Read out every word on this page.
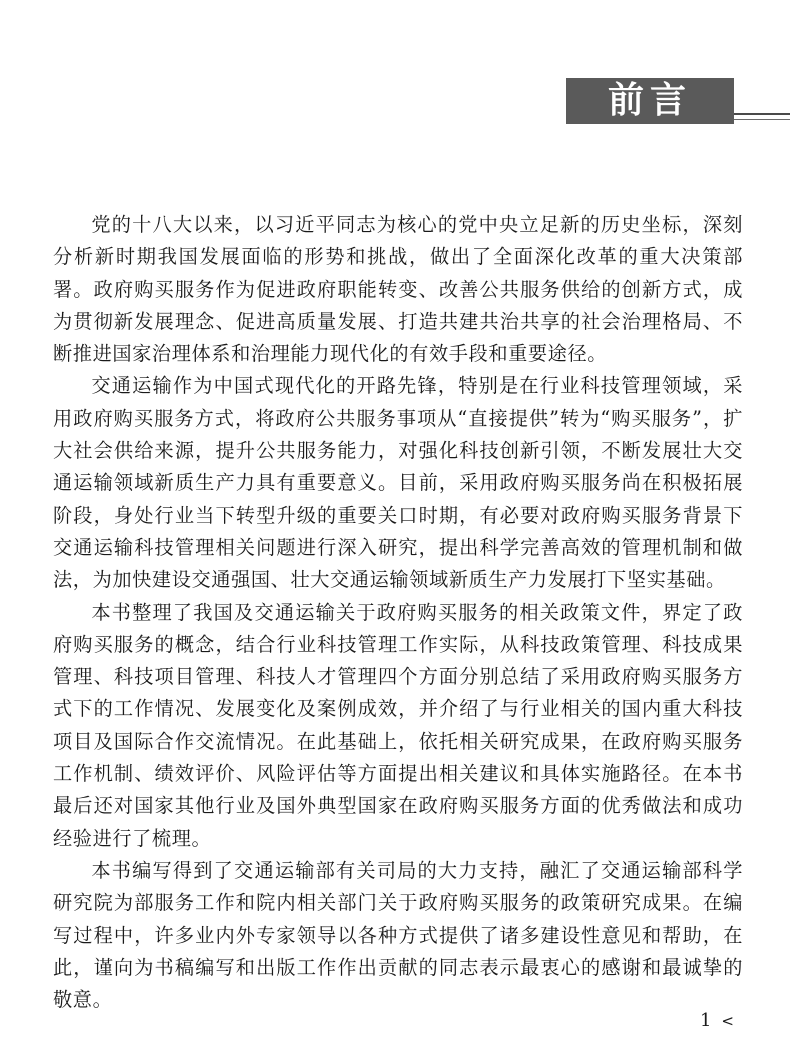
前言

党的十八大以来，以习近平同志为核心的党中央立足新的历史坐标，深刻分析新时期我国发展面临的形势和挑战，做出了全面深化改革的重大决策部署。政府购买服务作为促进政府职能转变、改善公共服务供给的创新方式，成为贯彻新发展理念、促进高质量发展、打造共建共治共享的社会治理格局、不断推进国家治理体系和治理能力现代化的有效手段和重要途径。

交通运输作为中国式现代化的开路先锋，特别是在行业科技管理领域，采用政府购买服务方式，将政府公共服务事项从“直接提供”转为“购买服务”，扩大社会供给来源，提升公共服务能力，对强化科技创新引领，不断发展壮大交通运输领域新质生产力具有重要意义。目前，采用政府购买服务尚在积极拓展阶段，身处行业当下转型升级的重要关口时期，有必要对政府购买服务背景下交通运输科技管理相关问题进行深入研究，提出科学完善高效的管理机制和做法，为加快建设交通强国、壮大交通运输领域新质生产力发展打下坚实基础。

本书整理了我国及交通运输关于政府购买服务的相关政策文件，界定了政府购买服务的概念，结合行业科技管理工作实际，从科技政策管理、科技成果管理、科技项目管理、科技人才管理四个方面分别总结了采用政府购买服务方式下的工作情况、发展变化及案例成效，并介绍了与行业相关的国内重大科技项目及国际合作交流情况。在此基础上，依托相关研究成果，在政府购买服务工作机制、绩效评价、风险评估等方面提出相关建议和具体实施路径。在本书最后还对国家其他行业及国外典型国家在政府购买服务方面的优秀做法和成功经验进行了梳理。

本书编写得到了交通运输部有关司局的大力支持，融汇了交通运输部科学研究院为部服务工作和院内相关部门关于政府购买服务的政策研究成果。在编写过程中，许多业内外专家领导以各种方式提供了诸多建设性意见和帮助，在此，谨向为书稿编写和出版工作作出贡献的同志表示最衷心的感谢和最诚挚的敬意。

1 <
